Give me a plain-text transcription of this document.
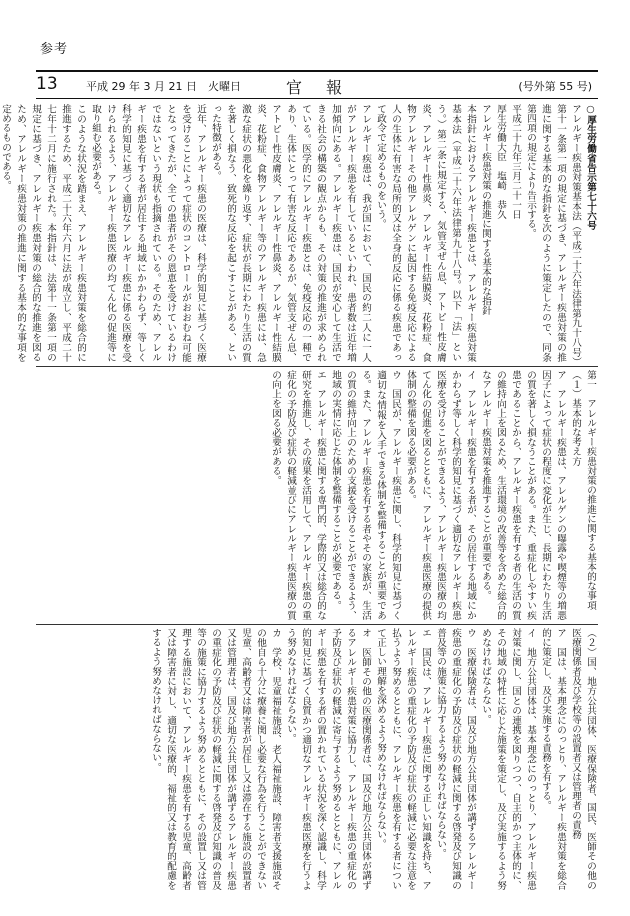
参考
13	平成 29 年 3 月 21 日　火曜日	官　報	(号外第 55 号)
○厚生労働省告示第七十六号
アレルギー疾患対策基本法（平成二十六年法律第九十八号）第十一条第一項の規定に基づき、アレルギー疾患対策の推進に関する基本的な指針を次のように策定したので、同条第四項の規定により告示する。
平成二十九年三月二十一日
厚生労働大臣　塩崎　恭久
アレルギー疾患対策の推進に関する基本的な指針
本指針におけるアレルギー疾患とは、アレルギー疾患対策基本法（平成二十六年法律第九十八号。以下「法」という。）第二条に規定する、気管支ぜん息、アトピー性皮膚炎、アレルギー性鼻炎、アレルギー性結膜炎、花粉症、食物アレルギーその他アレルゲンに起因する免疫反応による人の生体に有害な局所的又は全身的反応に係る疾患であって政令で定めるものをいう。
アレルギー疾患は、我が国において、国民の約二人に一人がアレルギー疾患を有しているといわれ、患者数は近年増加傾向にある。アレルギー疾患は、国民が安心して生活できる社会の構築の観点からも、その対策の推進が求められている。医学的にアレルギー疾患とは、免疫反応の一種であり、生体にとって有害な反応であるが、気管支ぜん息、アトピー性皮膚炎、アレルギー性鼻炎、アレルギー性結膜炎、花粉症、食物アレルギー等のアレルギー疾患には、急激な症状の悪化を繰り返す、症状が長期にわたり生活の質を著しく損なう、致死的な反応を起こすことがある、といった特徴がある。
近年、アレルギー疾患の医療は、科学的知見に基づく医療を受けることによって症状のコントロールがおおむね可能となってきたが、全ての患者がその恩恵を受けているわけではないという現状も指摘されている。そのため、アレルギー疾患を有する者が居住する地域にかかわらず、等しく科学的知見に基づく適切なアレルギー疾患に係る医療を受けられるよう、アレルギー疾患医療の均てん化の促進等に取り組む必要がある。
このような状況を踏まえ、アレルギー疾患対策を総合的に推進するため、平成二十六年六月に法が成立し、平成二十七年十二月に施行された。本指針は、法第十一条第一項の規定に基づき、アレルギー疾患対策の総合的な推進を図るため、アレルギー疾患対策の推進に関する基本的な事項を定めるものである。

第一　アレルギー疾患対策の推進に関する基本的な事項
（１）基本的な考え方
ア　アレルギー疾患は、アレルゲンの曝露や喫煙等の増悪因子によって症状の程度に変化が生じ、長期にわたり生活の質を著しく損なうことがある。また、重症化しやすい疾患であることから、アレルギー疾患を有する者の生活の質の維持向上を図るため、生活環境の改善等を含めた総合的なアレルギー疾患対策を推進することが重要である。
イ　アレルギー疾患を有する者が、その居住する地域にかかわらず等しく科学的知見に基づく適切なアレルギー疾患医療を受けることができるよう、アレルギー疾患医療の均てん化の促進を図るとともに、アレルギー疾患医療の提供体制の整備を図る必要がある。
ウ　国民が、アレルギー疾患に関し、科学的知見に基づく適切な情報を入手できる体制を整備することが重要である。また、アレルギー疾患を有する者やその家族が、生活の質の維持向上のための支援を受けることができるよう、地域の実情に応じた体制を整備することが必要である。
エ　アレルギー疾患に関する専門的、学際的又は総合的な研究を推進し、その成果を活用して、アレルギー疾患の重症化の予防及び症状の軽減並びにアレルギー疾患医療の質の向上を図る必要がある。
（２）国、地方公共団体、医療保険者、国民、医師その他の医療関係者及び学校等の設置者又は管理者の責務
ア　国は、基本理念にのっとり、アレルギー疾患対策を総合的に策定し、及び実施する責務を有する。
イ　地方公共団体は、基本理念にのっとり、アレルギー疾患対策に関し、国との連携を図りつつ、自主的かつ主体的に、その地域の特性に応じた施策を策定し、及び実施するよう努めなければならない。
ウ　医療保険者は、国及び地方公共団体が講ずるアレルギー疾患の重症化の予防及び症状の軽減に関する啓発及び知識の普及等の施策に協力するよう努めなければならない。
エ　国民は、アレルギー疾患に関する正しい知識を持ち、アレルギー疾患の重症化の予防及び症状の軽減に必要な注意を払うよう努めるとともに、アレルギー疾患を有する者について正しい理解を深めるよう努めなければならない。
オ　医師その他の医療関係者は、国及び地方公共団体が講ずるアレルギー疾患対策に協力し、アレルギー疾患の重症化の予防及び症状の軽減に寄与するよう努めるとともに、アレルギー疾患を有する者の置かれている状況を深く認識し、科学的知見に基づく良質かつ適切なアレルギー疾患医療を行うよう努めなければならない。
カ　学校、児童福祉施設、老人福祉施設、障害者支援施設その他自ら十分に療養に関し必要な行為を行うことができない児童、高齢者又は障害者が居住し又は滞在する施設の設置者又は管理者は、国及び地方公共団体が講ずるアレルギー疾患の重症化の予防及び症状の軽減に関する啓発及び知識の普及等の施策に協力するよう努めるとともに、その設置し又は管理する施設において、アレルギー疾患を有する児童、高齢者又は障害者に対し、適切な医療的、福祉的又は教育的配慮をするよう努めなければならない。
